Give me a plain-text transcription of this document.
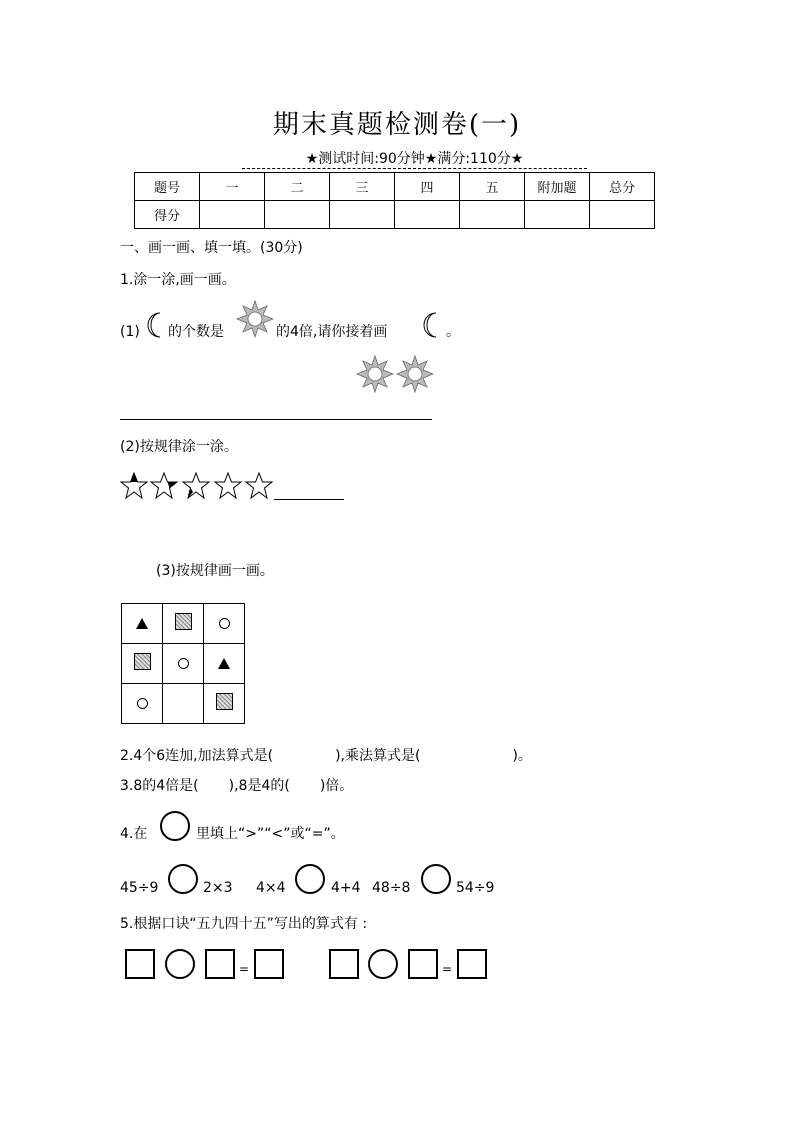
期末真题检测卷(一)
★测试时间:90分钟★满分:110分★
题号	一	二	三	四	五	附加题	总分
得分							
一、画一画、填一填。(30分)
1.涂一涂,画一画。
(1) 的个数是	的4倍,请你接着画	。
(2)按规律涂一涂。
(3)按规律画一画。

2.4个6连加,加法算式是(	),乘法算式是(	)。
3.8的4倍是( ),8是4的( )倍。
4.在	里填上“>”“<”或“=”。
45÷9	2×3 4×4	4+4 48÷8	54÷9
5.根据口诀“五九四十五”写出的算式有 :
=	=
